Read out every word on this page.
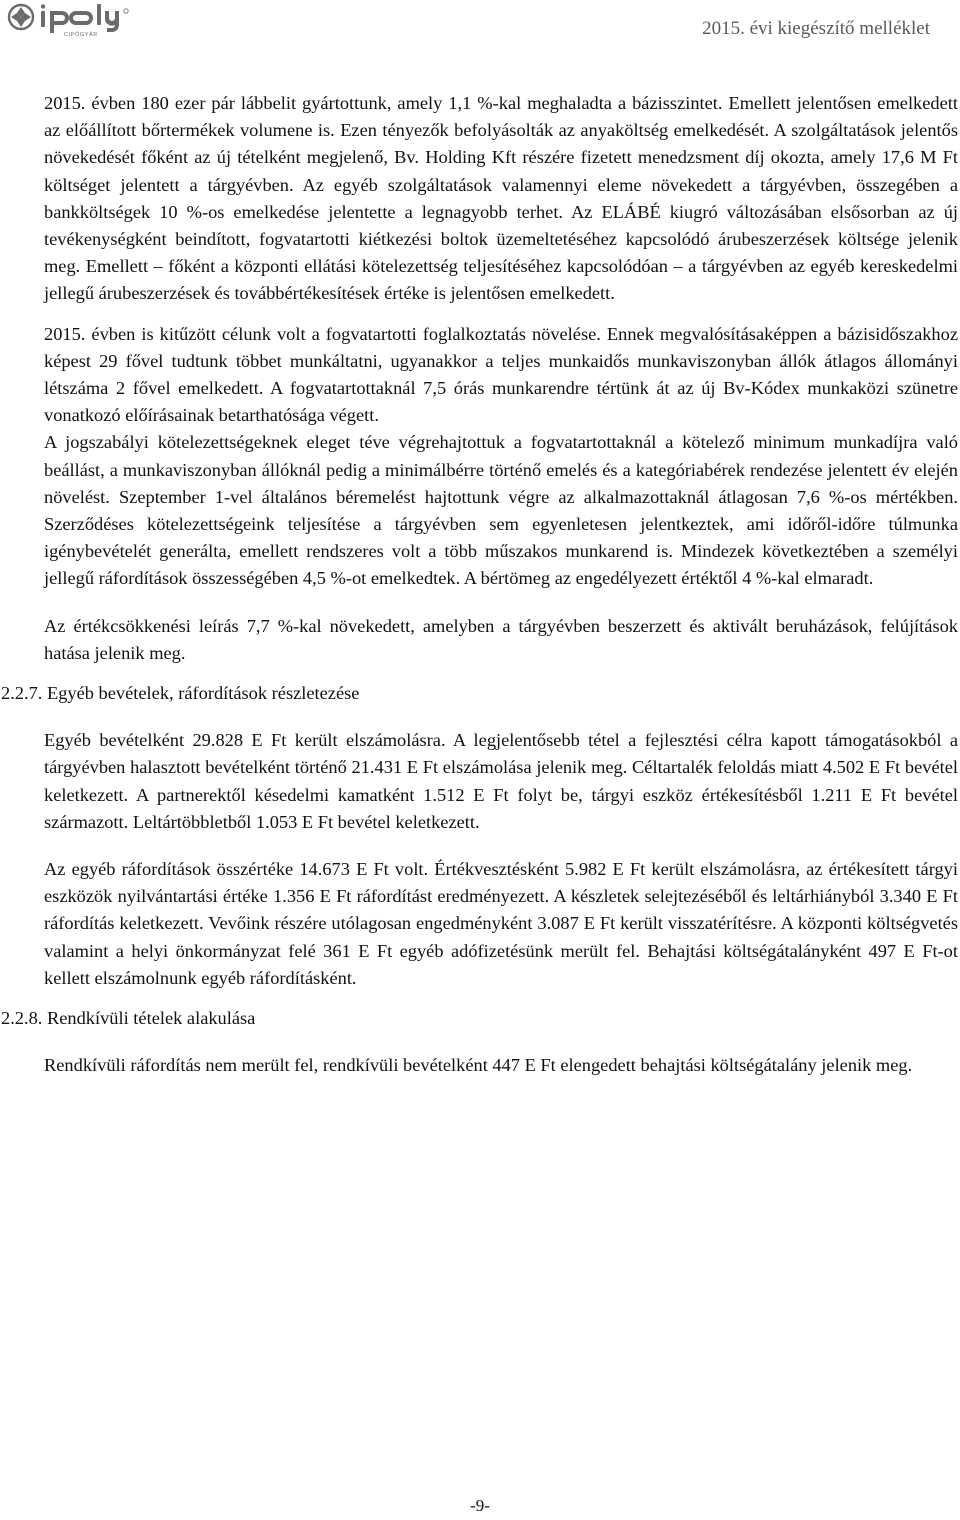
CIPŐGYÁR	2015. évi kiegészítő melléklet

2015. évben 180 ezer pár lábbelit gyártottunk, amely 1,1 %-kal meghaladta a bázisszintet. Emellett jelentősen emelkedett az előállított bőrtermékek volumene is. Ezen tényezők befolyásolták az anyaköltség emelkedését. A szolgáltatások jelentős növekedését főként az új tételként megjelenő, Bv. Holding Kft részére fizetett menedzsment díj okozta, amely 17,6 M Ft költséget jelentett a tárgyévben. Az egyéb szolgáltatások valamennyi eleme növekedett a tárgyévben, összegében a bankköltségek 10 %-os emelkedése jelentette a legnagyobb terhet. Az ELÁBÉ kiugró változásában elsősorban az új tevékenységként beindított, fogvatartotti kiétkezési boltok üzemeltetéséhez kapcsolódó árubeszerzések költsége jelenik meg. Emellett – főként a központi ellátási kötelezettség teljesítéséhez kapcsolódóan – a tárgyévben az egyéb kereskedelmi jellegű árubeszerzések és továbbértékesítések értéke is jelentősen emelkedett.

2015. évben is kitűzött célunk volt a fogvatartotti foglalkoztatás növelése. Ennek megvalósításaképpen a bázisidőszakhoz képest 29 fővel tudtunk többet munkáltatni, ugyanakkor a teljes munkaidős munkaviszonyban állók átlagos állományi létszáma 2 fővel emelkedett. A fogvatartottaknál 7,5 órás munkarendre tértünk át az új Bv-Kódex munkaközi szünetre vonatkozó előírásainak betarthatósága végett.

A jogszabályi kötelezettségeknek eleget téve végrehajtottuk a fogvatartottaknál a kötelező minimum munkadíjra való beállást, a munkaviszonyban állóknál pedig a minimálbérre történő emelés és a kategóriabérek rendezése jelentett év elején növelést. Szeptember 1-vel általános béremelést hajtottunk végre az alkalmazottaknál átlagosan 7,6 %-os mértékben. Szerződéses kötelezettségeink teljesítése a tárgyévben sem egyenletesen jelentkeztek, ami időről-időre túlmunka igénybevételét generálta, emellett rendszeres volt a több műszakos munkarend is. Mindezek következtében a személyi jellegű ráfordítások összességében 4,5 %-ot emelkedtek. A bértömeg az engedélyezett értéktől 4 %-kal elmaradt.

Az értékcsökkenési leírás 7,7 %-kal növekedett, amelyben a tárgyévben beszerzett és aktivált beruházások, felújítások hatása jelenik meg.

2.2.7. Egyéb bevételek, ráfordítások részletezése

Egyéb bevételként 29.828 E Ft került elszámolásra. A legjelentősebb tétel a fejlesztési célra kapott támogatásokból a tárgyévben halasztott bevételként történő 21.431 E Ft elszámolása jelenik meg. Céltartalék feloldás miatt 4.502 E Ft bevétel keletkezett. A partnerektől késedelmi kamatként 1.512 E Ft folyt be, tárgyi eszköz értékesítésből 1.211 E Ft bevétel származott. Leltártöbbletből 1.053 E Ft bevétel keletkezett.

Az egyéb ráfordítások összértéke 14.673 E Ft volt. Értékvesztésként 5.982 E Ft került elszámolásra, az értékesített tárgyi eszközök nyilvántartási értéke 1.356 E Ft ráfordítást eredményezett. A készletek selejtezéséből és leltárhiányból 3.340 E Ft ráfordítás keletkezett. Vevőink részére utólagosan engedményként 3.087 E Ft került visszatérítésre. A központi költségvetés valamint a helyi önkormányzat felé 361 E Ft egyéb adófizetésünk merült fel. Behajtási költségátalányként 497 E Ft-ot kellett elszámolnunk egyéb ráfordításként.

2.2.8. Rendkívüli tételek alakulása

Rendkívüli ráfordítás nem merült fel, rendkívüli bevételként 447 E Ft elengedett behajtási költségátalány jelenik meg.

-9-
